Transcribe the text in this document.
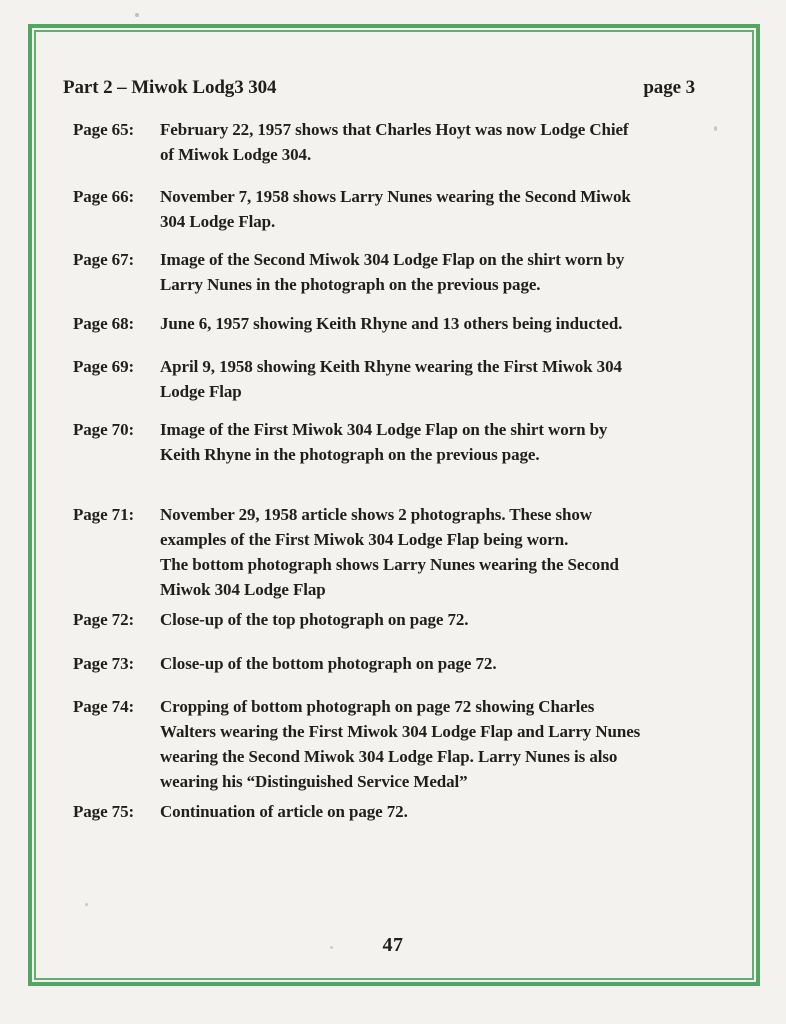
Part 2 – Miwok Lodg3 304	page 3
Page 65: February 22, 1957 shows that Charles Hoyt was now Lodge Chief
of Miwok Lodge 304.
Page 66: November 7, 1958 shows Larry Nunes wearing the Second Miwok
304 Lodge Flap.
Page 67: Image of the Second Miwok 304 Lodge Flap on the shirt worn by
Larry Nunes in the photograph on the previous page.
Page 68: June 6, 1957 showing Keith Rhyne and 13 others being inducted.
Page 69: April 9, 1958 showing Keith Rhyne wearing the First Miwok 304
Lodge Flap
Page 70: Image of the First Miwok 304 Lodge Flap on the shirt worn by
Keith Rhyne in the photograph on the previous page.
Page 71: November 29, 1958 article shows 2 photographs. These show
examples of the First Miwok 304 Lodge Flap being worn.
The bottom photograph shows Larry Nunes wearing the Second
Miwok 304 Lodge Flap
Page 72: Close-up of the top photograph on page 72.
Page 73: Close-up of the bottom photograph on page 72.
Page 74: Cropping of bottom photograph on page 72 showing Charles
Walters wearing the First Miwok 304 Lodge Flap and Larry Nunes
wearing the Second Miwok 304 Lodge Flap. Larry Nunes is also
wearing his “Distinguished Service Medal”
Page 75: Continuation of article on page 72.
47
